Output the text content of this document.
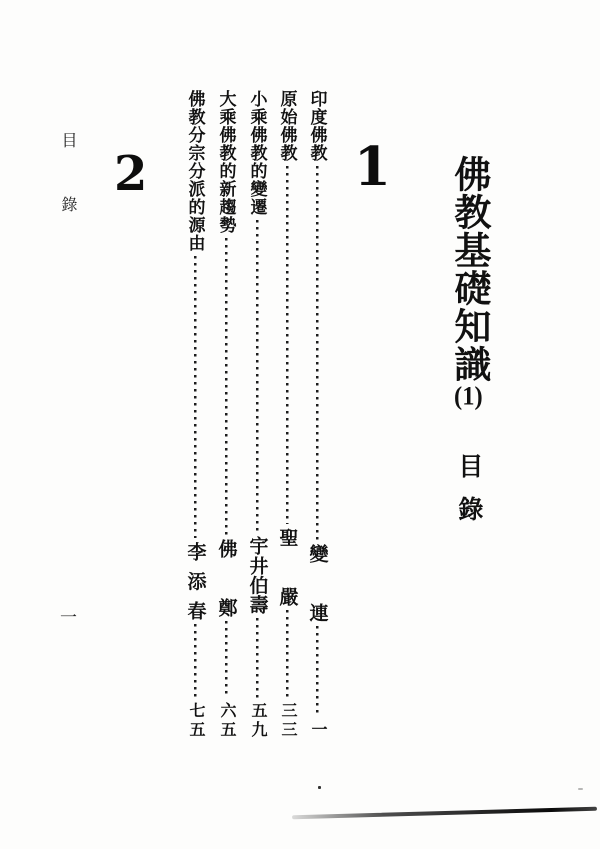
佛教基礎知識(1)目錄
1
2
印度佛教
變連
一
原始佛教
聖嚴
三三
小乘佛教的變遷
宇井伯壽
五九
大乘佛教的新趨勢
佛鄭
六五
佛教分宗分派的源由
李添春
七五
目錄
一
